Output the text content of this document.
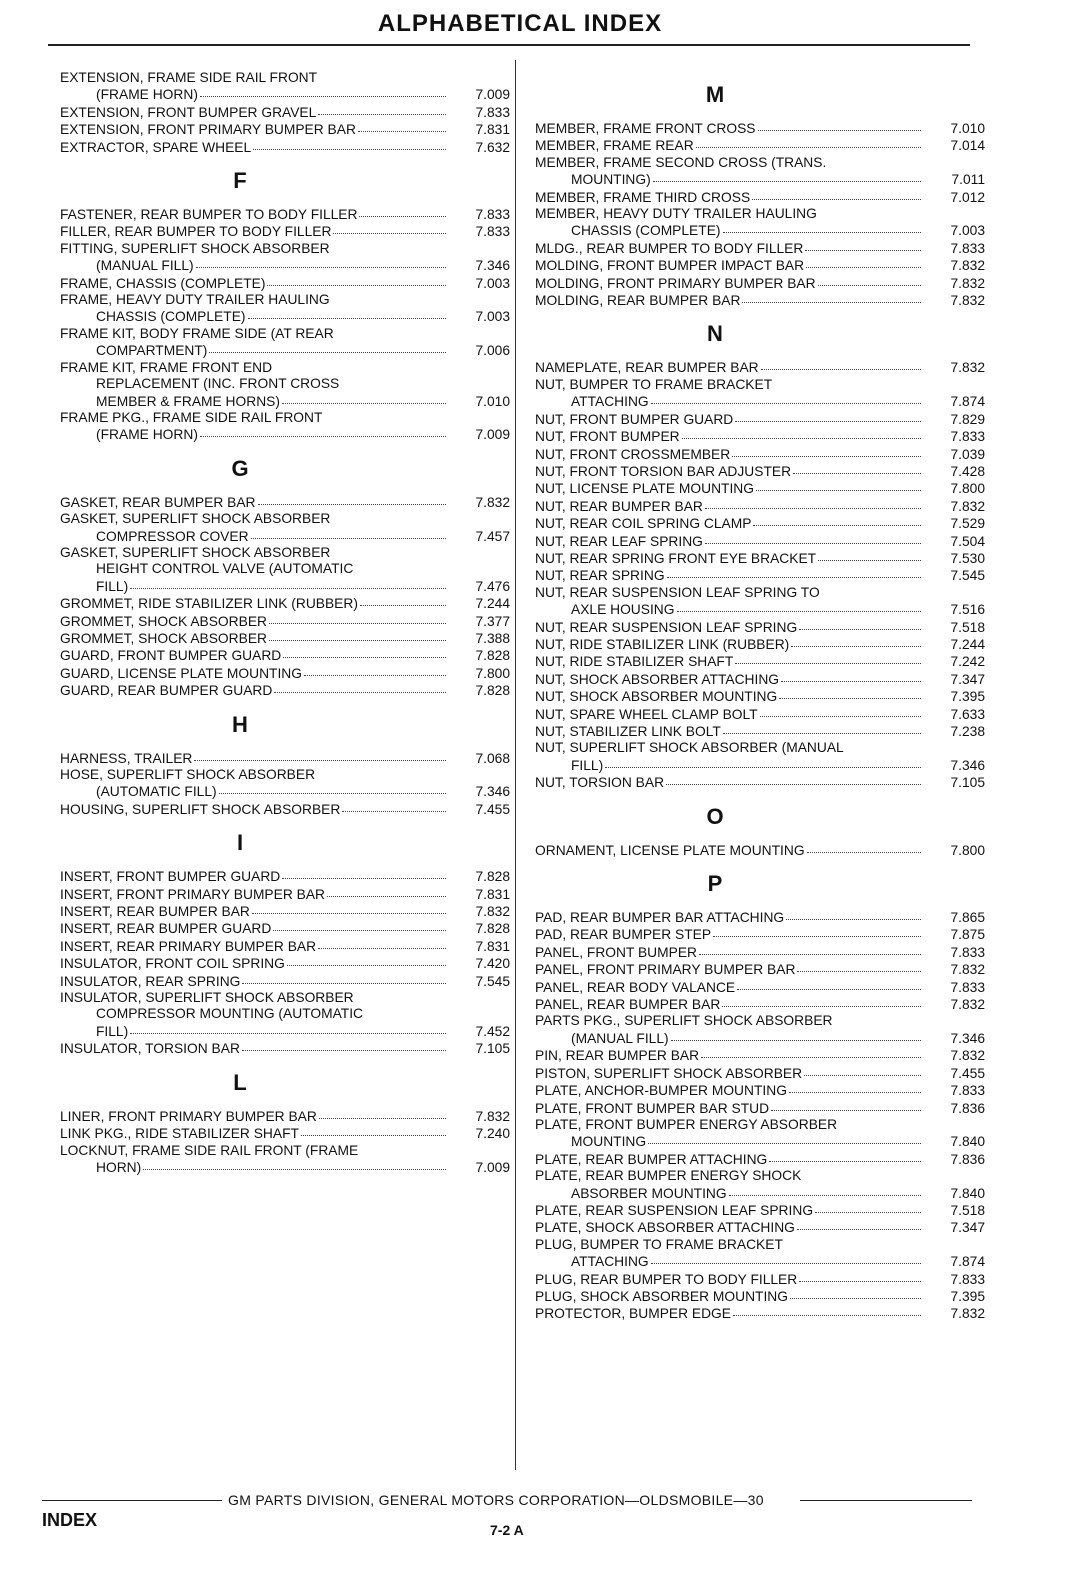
ALPHABETICAL INDEX
EXTENSION, FRAME SIDE RAIL FRONT
(FRAME HORN)	7.009
EXTENSION, FRONT BUMPER GRAVEL	7.833
EXTENSION, FRONT PRIMARY BUMPER BAR	7.831
EXTRACTOR, SPARE WHEEL	7.632
F
FASTENER, REAR BUMPER TO BODY FILLER	7.833
FILLER, REAR BUMPER TO BODY FILLER	7.833
FITTING, SUPERLIFT SHOCK ABSORBER
(MANUAL FILL)	7.346
FRAME, CHASSIS (COMPLETE)	7.003
FRAME, HEAVY DUTY TRAILER HAULING
CHASSIS (COMPLETE)	7.003
FRAME KIT, BODY FRAME SIDE (AT REAR
COMPARTMENT)	7.006
FRAME KIT, FRAME FRONT END
REPLACEMENT (INC. FRONT CROSS
MEMBER & FRAME HORNS)	7.010
FRAME PKG., FRAME SIDE RAIL FRONT
(FRAME HORN)	7.009
G
GASKET, REAR BUMPER BAR	7.832
GASKET, SUPERLIFT SHOCK ABSORBER
COMPRESSOR COVER	7.457
GASKET, SUPERLIFT SHOCK ABSORBER
HEIGHT CONTROL VALVE (AUTOMATIC
FILL)	7.476
GROMMET, RIDE STABILIZER LINK (RUBBER)	7.244
GROMMET, SHOCK ABSORBER	7.377
GROMMET, SHOCK ABSORBER	7.388
GUARD, FRONT BUMPER GUARD	7.828
GUARD, LICENSE PLATE MOUNTING	7.800
GUARD, REAR BUMPER GUARD	7.828
H
HARNESS, TRAILER	7.068
HOSE, SUPERLIFT SHOCK ABSORBER
(AUTOMATIC FILL)	7.346
HOUSING, SUPERLIFT SHOCK ABSORBER	7.455
I
INSERT, FRONT BUMPER GUARD	7.828
INSERT, FRONT PRIMARY BUMPER BAR	7.831
INSERT, REAR BUMPER BAR	7.832
INSERT, REAR BUMPER GUARD	7.828
INSERT, REAR PRIMARY BUMPER BAR	7.831
INSULATOR, FRONT COIL SPRING	7.420
INSULATOR, REAR SPRING	7.545
INSULATOR, SUPERLIFT SHOCK ABSORBER
COMPRESSOR MOUNTING (AUTOMATIC
FILL)	7.452
INSULATOR, TORSION BAR	7.105
L
LINER, FRONT PRIMARY BUMPER BAR	7.832
LINK PKG., RIDE STABILIZER SHAFT	7.240
LOCKNUT, FRAME SIDE RAIL FRONT (FRAME
HORN)	7.009
M
MEMBER, FRAME FRONT CROSS	7.010
MEMBER, FRAME REAR	7.014
MEMBER, FRAME SECOND CROSS (TRANS.
MOUNTING)	7.011
MEMBER, FRAME THIRD CROSS	7.012
MEMBER, HEAVY DUTY TRAILER HAULING
CHASSIS (COMPLETE)	7.003
MLDG., REAR BUMPER TO BODY FILLER	7.833
MOLDING, FRONT BUMPER IMPACT BAR	7.832
MOLDING, FRONT PRIMARY BUMPER BAR	7.832
MOLDING, REAR BUMPER BAR	7.832
N
NAMEPLATE, REAR BUMPER BAR	7.832
NUT, BUMPER TO FRAME BRACKET
ATTACHING	7.874
NUT, FRONT BUMPER GUARD	7.829
NUT, FRONT BUMPER	7.833
NUT, FRONT CROSSMEMBER	7.039
NUT, FRONT TORSION BAR ADJUSTER	7.428
NUT, LICENSE PLATE MOUNTING	7.800
NUT, REAR BUMPER BAR	7.832
NUT, REAR COIL SPRING CLAMP	7.529
NUT, REAR LEAF SPRING	7.504
NUT, REAR SPRING FRONT EYE BRACKET	7.530
NUT, REAR SPRING	7.545
NUT, REAR SUSPENSION LEAF SPRING TO
AXLE HOUSING	7.516
NUT, REAR SUSPENSION LEAF SPRING	7.518
NUT, RIDE STABILIZER LINK (RUBBER)	7.244
NUT, RIDE STABILIZER SHAFT	7.242
NUT, SHOCK ABSORBER ATTACHING	7.347
NUT, SHOCK ABSORBER MOUNTING	7.395
NUT, SPARE WHEEL CLAMP BOLT	7.633
NUT, STABILIZER LINK BOLT	7.238
NUT, SUPERLIFT SHOCK ABSORBER (MANUAL
FILL)	7.346
NUT, TORSION BAR	7.105
O
ORNAMENT, LICENSE PLATE MOUNTING	7.800
P
PAD, REAR BUMPER BAR ATTACHING	7.865
PAD, REAR BUMPER STEP	7.875
PANEL, FRONT BUMPER	7.833
PANEL, FRONT PRIMARY BUMPER BAR	7.832
PANEL, REAR BODY VALANCE	7.833
PANEL, REAR BUMPER BAR	7.832
PARTS PKG., SUPERLIFT SHOCK ABSORBER
(MANUAL FILL)	7.346
PIN, REAR BUMPER BAR	7.832
PISTON, SUPERLIFT SHOCK ABSORBER	7.455
PLATE, ANCHOR-BUMPER MOUNTING	7.833
PLATE, FRONT BUMPER BAR STUD	7.836
PLATE, FRONT BUMPER ENERGY ABSORBER
MOUNTING	7.840
PLATE, REAR BUMPER ATTACHING	7.836
PLATE, REAR BUMPER ENERGY SHOCK
ABSORBER MOUNTING	7.840
PLATE, REAR SUSPENSION LEAF SPRING	7.518
PLATE, SHOCK ABSORBER ATTACHING	7.347
PLUG, BUMPER TO FRAME BRACKET
ATTACHING	7.874
PLUG, REAR BUMPER TO BODY FILLER	7.833
PLUG, SHOCK ABSORBER MOUNTING	7.395
PROTECTOR, BUMPER EDGE	7.832
GM PARTS DIVISION, GENERAL MOTORS CORPORATION—OLDSMOBILE—30
INDEX	7-2 A
